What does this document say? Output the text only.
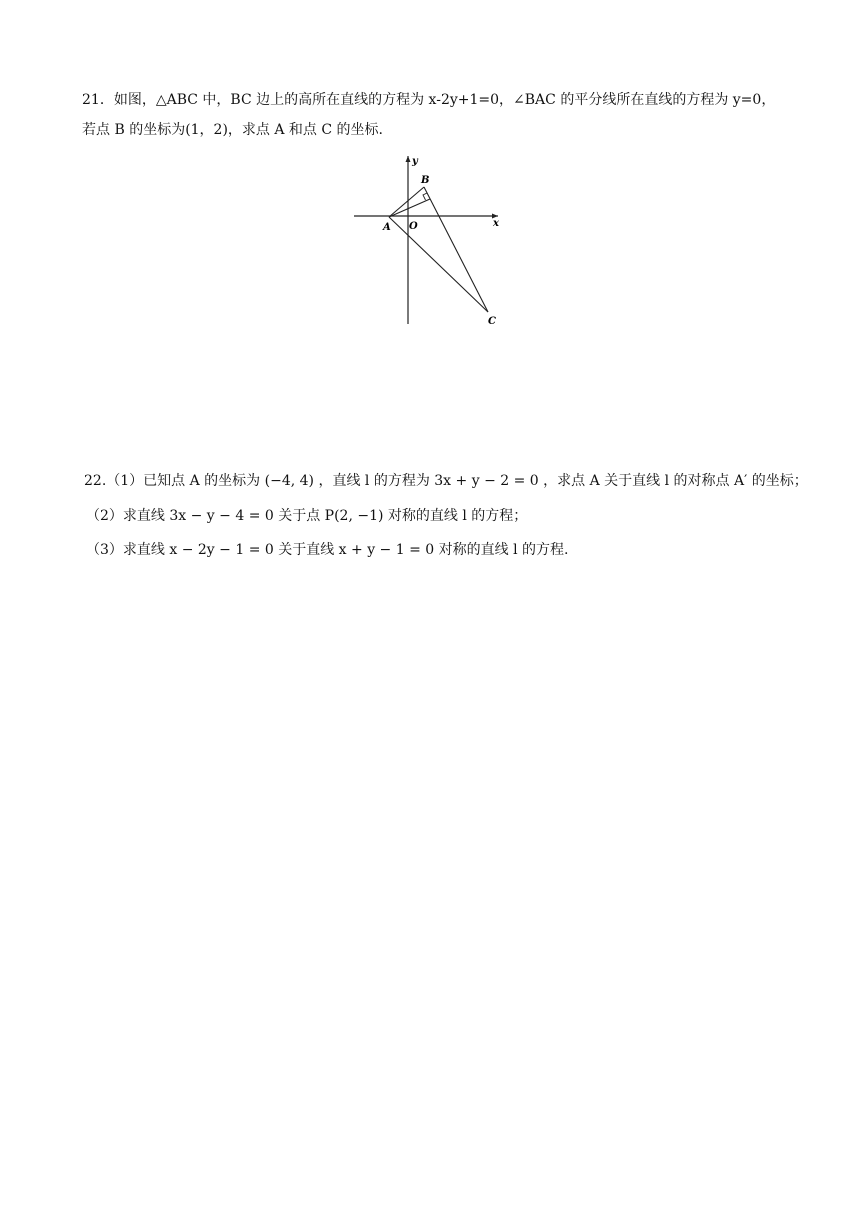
21．如图，△ABC 中，BC 边上的高所在直线的方程为 x-2y+1=0，∠BAC 的平分线所在直线的方程为 y=0，
若点 B 的坐标为(1，2)，求点 A 和点 C 的坐标.
y
x
B
A O
C
22.（1）已知点 A 的坐标为 (−4, 4) ，直线 l 的方程为 3x + y − 2 = 0 ，求点 A 关于直线 l 的对称点 A′ 的坐标；
（2）求直线 3x − y − 4 = 0 关于点 P(2, −1) 对称的直线 l 的方程；
（3）求直线 x − 2y − 1 = 0 关于直线 x + y − 1 = 0 对称的直线 l 的方程.
